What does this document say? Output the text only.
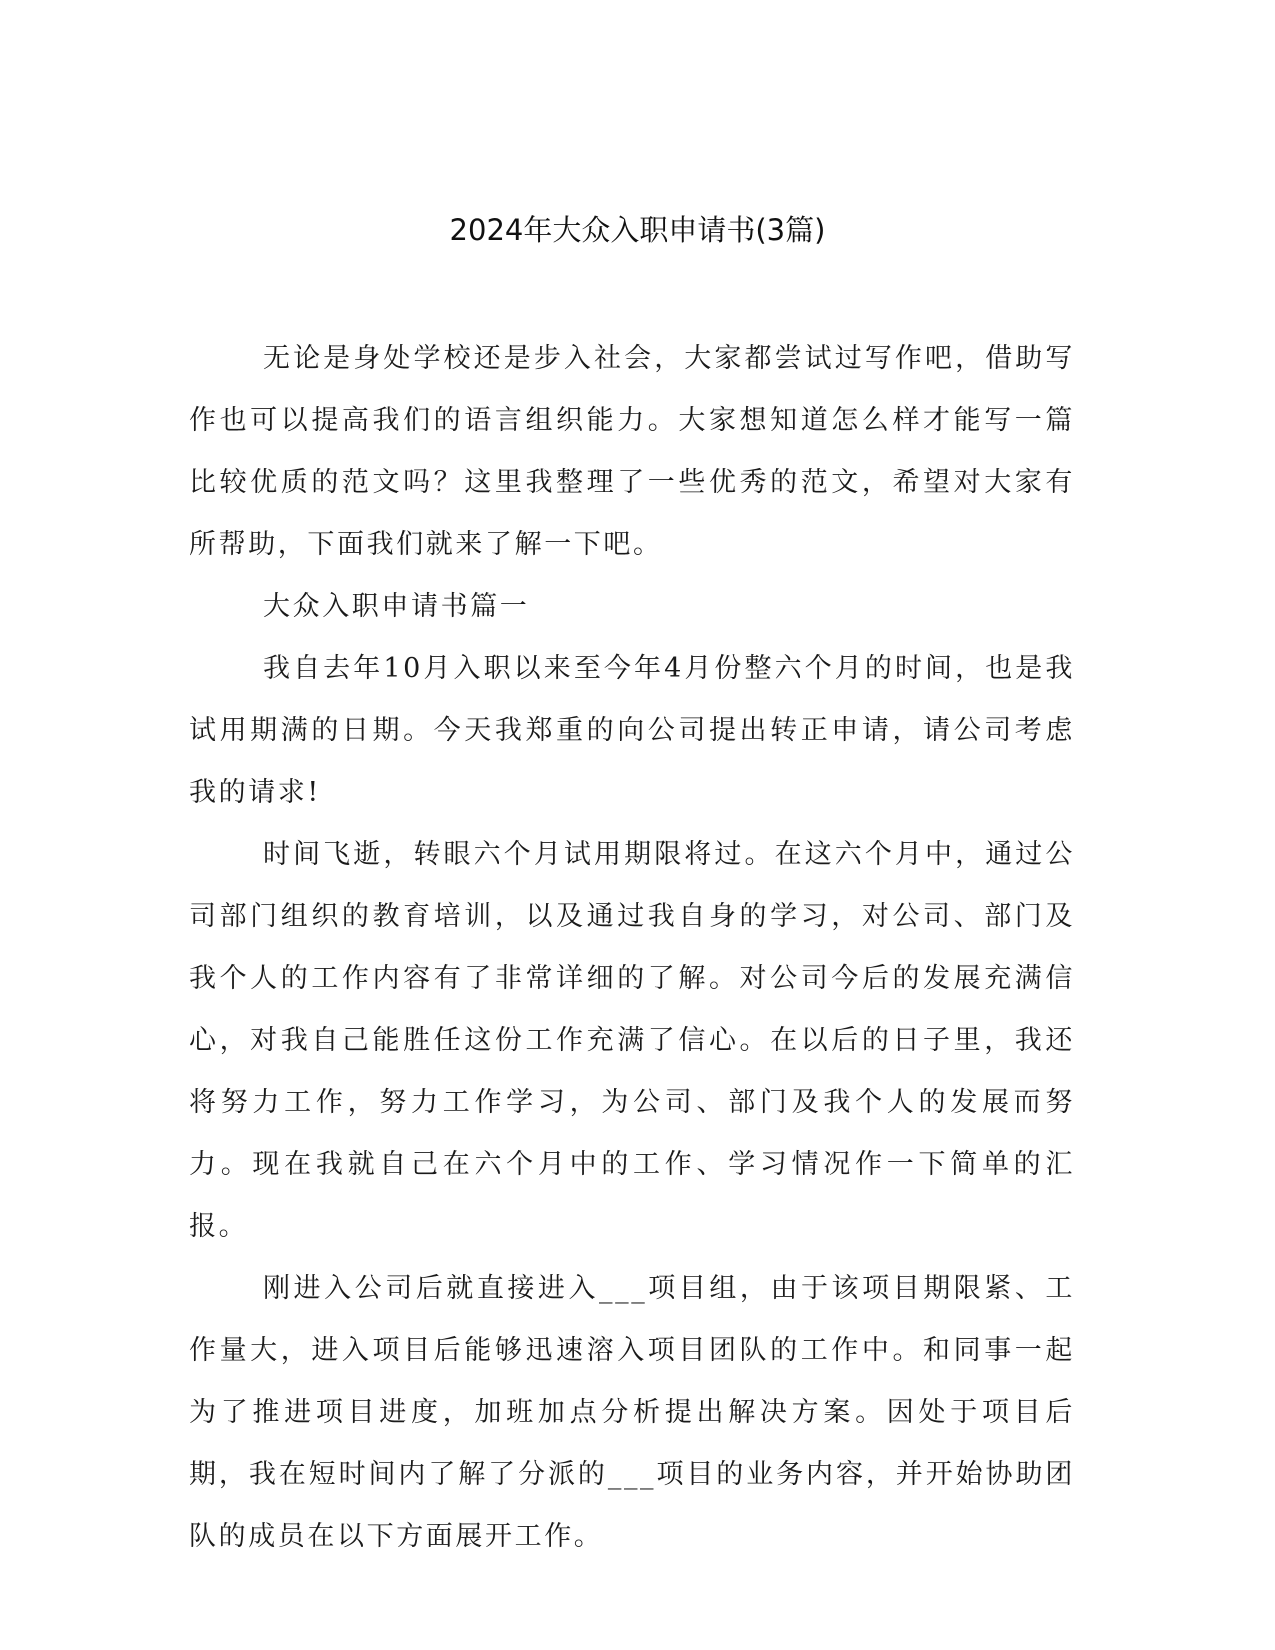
2024年大众入职申请书(3篇)

无论是身处学校还是步入社会，大家都尝试过写作吧，借助写作也可以提高我们的语言组织能力。大家想知道怎么样才能写一篇比较优质的范文吗？这里我整理了一些优秀的范文，希望对大家有所帮助，下面我们就来了解一下吧。

大众入职申请书篇一

我自去年10月入职以来至今年4月份整六个月的时间，也是我试用期满的日期。今天我郑重的向公司提出转正申请，请公司考虑我的请求!

时间飞逝，转眼六个月试用期限将过。在这六个月中，通过公司部门组织的教育培训，以及通过我自身的学习，对公司、部门及我个人的工作内容有了非常详细的了解。对公司今后的发展充满信心，对我自己能胜任这份工作充满了信心。在以后的日子里，我还将努力工作，努力工作学习，为公司、部门及我个人的发展而努力。现在我就自己在六个月中的工作、学习情况作一下简单的汇报。

刚进入公司后就直接进入___项目组，由于该项目期限紧、工作量大，进入项目后能够迅速溶入项目团队的工作中。和同事一起为了推进项目进度，加班加点分析提出解决方案。因处于项目后期，我在短时间内了解了分派的___项目的业务内容，并开始协助团队的成员在以下方面展开工作。
